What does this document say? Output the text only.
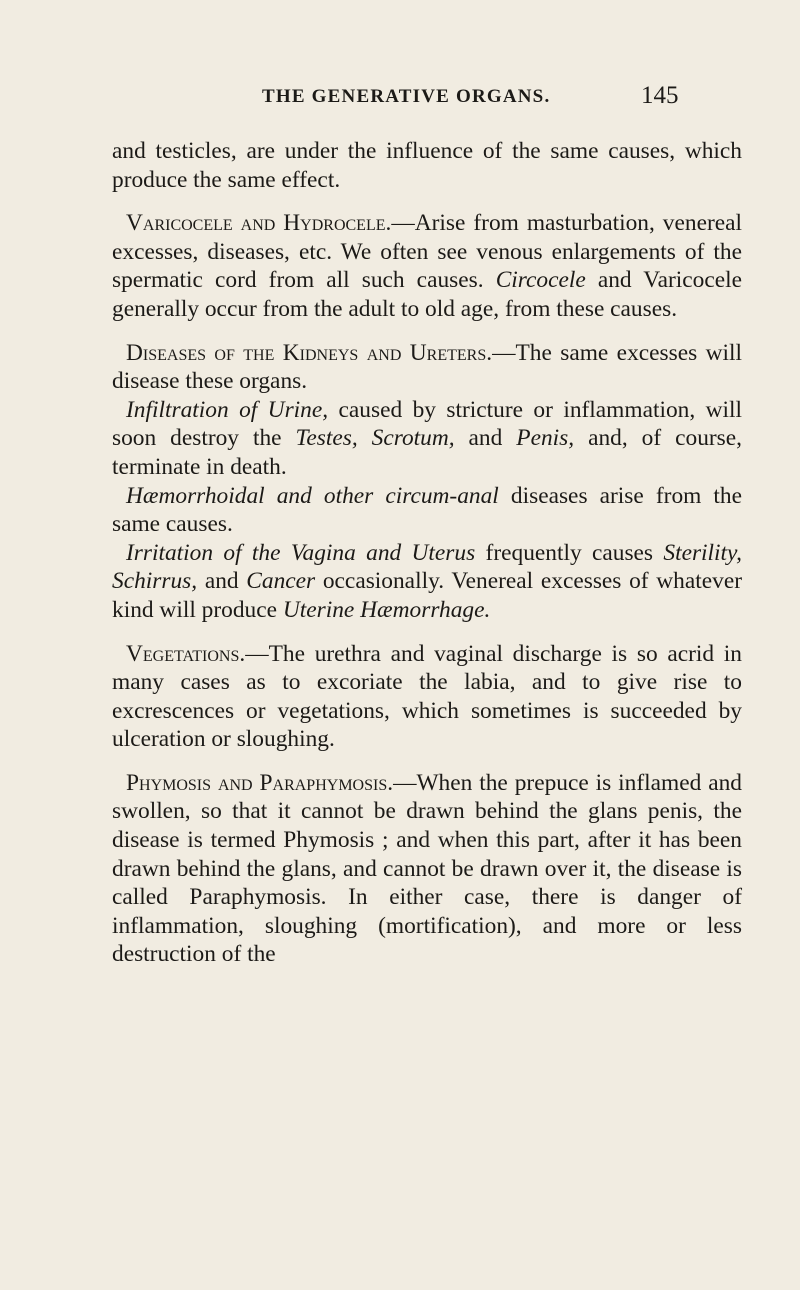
THE GENERATIVE ORGANS.	145

and testicles, are under the influence of the same causes, which produce the same effect.

Varicocele and Hydrocele.—Arise from masturbation, venereal excesses, diseases, etc. We often see venous enlargements of the spermatic cord from all such causes. Circocele and Varicocele generally occur from the adult to old age, from these causes.

Diseases of the Kidneys and Ureters.—The same excesses will disease these organs.

Infiltration of Urine, caused by stricture or inflammation, will soon destroy the Testes, Scrotum, and Penis, and, of course, terminate in death.

Hæmorrhoidal and other circum-anal diseases arise from the same causes.

Irritation of the Vagina and Uterus frequently causes Sterility, Schirrus, and Cancer occasionally. Venereal excesses of whatever kind will produce Uterine Hæmorrhage.

Vegetations.—The urethra and vaginal discharge is so acrid in many cases as to excoriate the labia, and to give rise to excrescences or vegetations, which sometimes is succeeded by ulceration or sloughing.

Phymosis and Paraphymosis.—When the prepuce is inflamed and swollen, so that it cannot be drawn behind the glans penis, the disease is termed Phymosis ; and when this part, after it has been drawn behind the glans, and cannot be drawn over it, the disease is called Paraphymosis. In either case, there is danger of inflammation, sloughing (mortification), and more or less destruction of the
